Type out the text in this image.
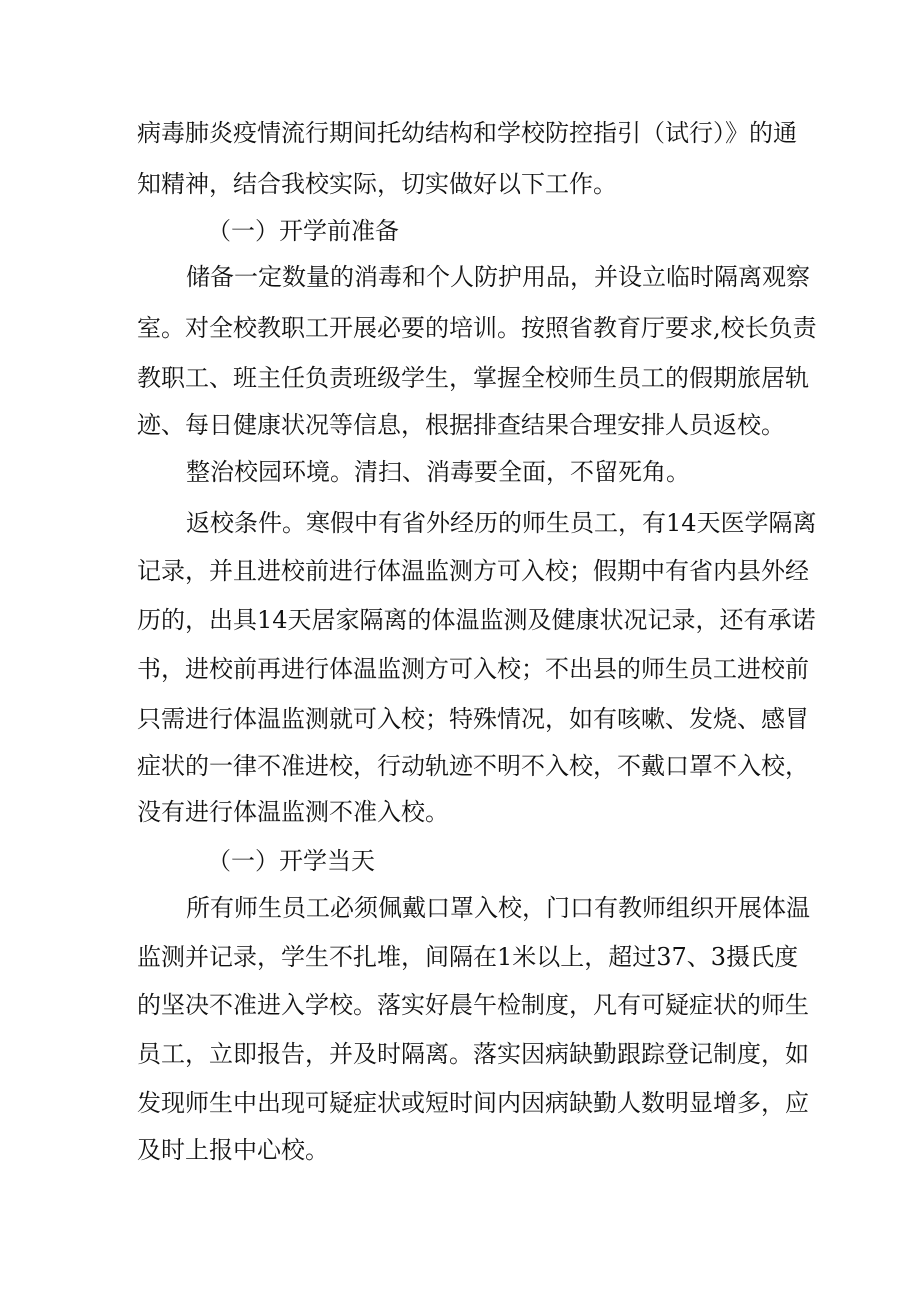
病毒肺炎疫情流行期间托幼结构和学校防控指引（试行）》的通
知精神，结合我校实际，切实做好以下工作。
（一）开学前准备
储备一定数量的消毒和个人防护用品，并设立临时隔离观察
室。对全校教职工开展必要的培训。按照省教育厅要求,校长负责
教职工、班主任负责班级学生，掌握全校师生员工的假期旅居轨
迹、每日健康状况等信息，根据排查结果合理安排人员返校。
整治校园环境。清扫、消毒要全面，不留死角。
返校条件。寒假中有省外经历的师生员工，有14天医学隔离
记录，并且进校前进行体温监测方可入校；假期中有省内县外经
历的，出具14天居家隔离的体温监测及健康状况记录，还有承诺
书，进校前再进行体温监测方可入校；不出县的师生员工进校前
只需进行体温监测就可入校；特殊情况，如有咳嗽、发烧、感冒
症状的一律不准进校，行动轨迹不明不入校，不戴口罩不入校，
没有进行体温监测不准入校。
（一）开学当天
所有师生员工必须佩戴口罩入校，门口有教师组织开展体温
监测并记录，学生不扎堆，间隔在1米以上，超过37、3摄氏度
的坚决不准进入学校。落实好晨午检制度，凡有可疑症状的师生
员工，立即报告，并及时隔离。落实因病缺勤跟踪登记制度，如
发现师生中出现可疑症状或短时间内因病缺勤人数明显增多，应
及时上报中心校。
